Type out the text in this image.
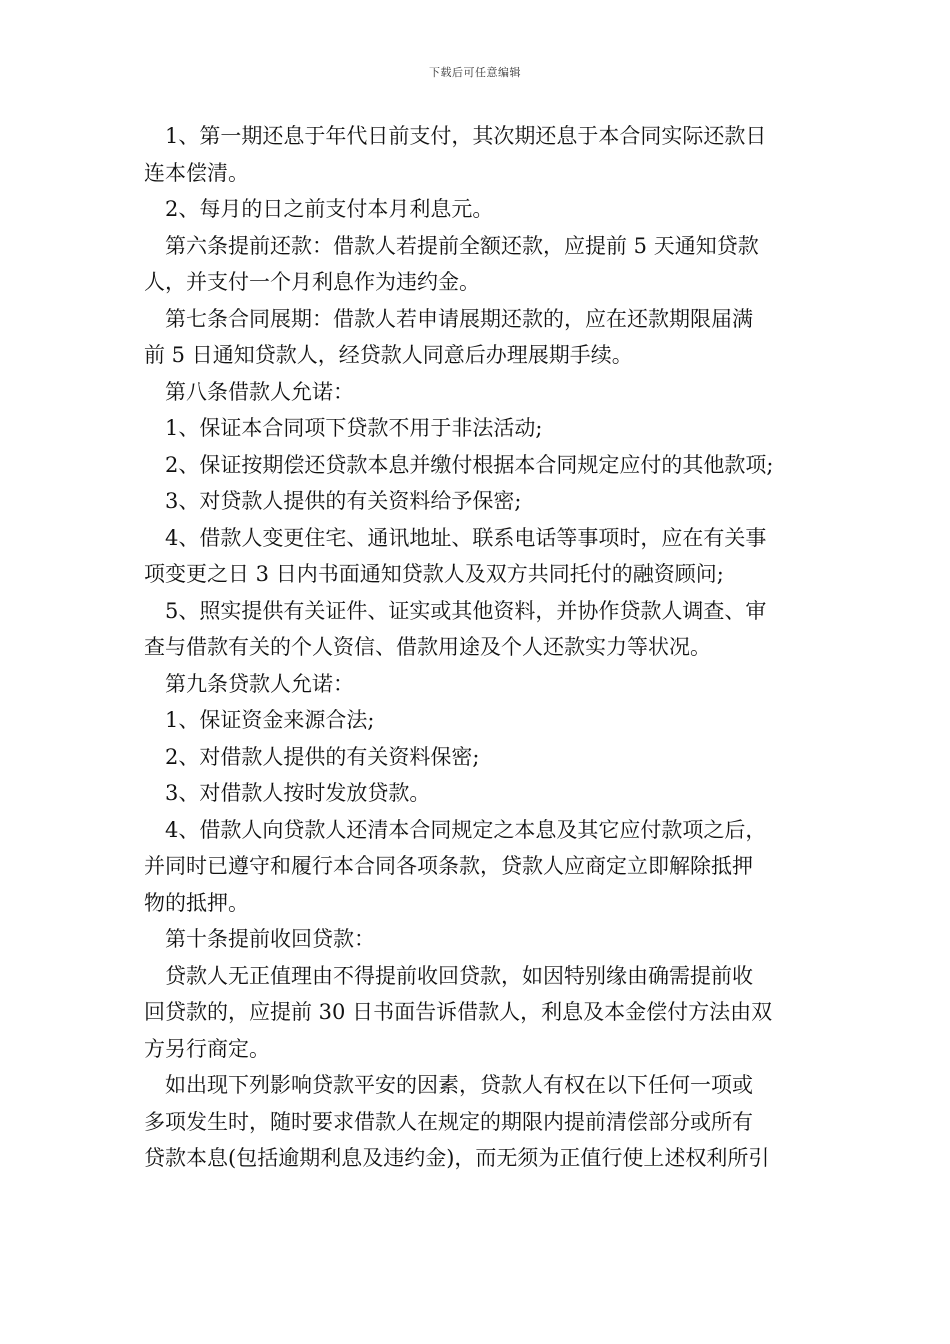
下载后可任意编辑

　1、第一期还息于年代日前支付，其次期还息于本合同实际还款日

连本偿清。

　2、每月的日之前支付本月利息元。

　第六条提前还款：借款人若提前全额还款，应提前 5 天通知贷款

人，并支付一个月利息作为违约金。

　第七条合同展期：借款人若申请展期还款的，应在还款期限届满

前 5 日通知贷款人，经贷款人同意后办理展期手续。

　第八条借款人允诺：

　1、保证本合同项下贷款不用于非法活动;

　2、保证按期偿还贷款本息并缴付根据本合同规定应付的其他款项;

　3、对贷款人提供的有关资料给予保密;

　4、借款人变更住宅、通讯地址、联系电话等事项时，应在有关事

项变更之日 3 日内书面通知贷款人及双方共同托付的融资顾问;

　5、照实提供有关证件、证实或其他资料，并协作贷款人调查、审

查与借款有关的个人资信、借款用途及个人还款实力等状况。

　第九条贷款人允诺：

　1、保证资金来源合法;

　2、对借款人提供的有关资料保密;

　3、对借款人按时发放贷款。

　4、借款人向贷款人还清本合同规定之本息及其它应付款项之后，

并同时已遵守和履行本合同各项条款，贷款人应商定立即解除抵押

物的抵押。

　第十条提前收回贷款：

　贷款人无正值理由不得提前收回贷款，如因特别缘由确需提前收

回贷款的，应提前 30 日书面告诉借款人，利息及本金偿付方法由双

方另行商定。

　如出现下列影响贷款平安的因素，贷款人有权在以下任何一项或

多项发生时，随时要求借款人在规定的期限内提前清偿部分或所有

贷款本息(包括逾期利息及违约金)，而无须为正值行使上述权利所引
